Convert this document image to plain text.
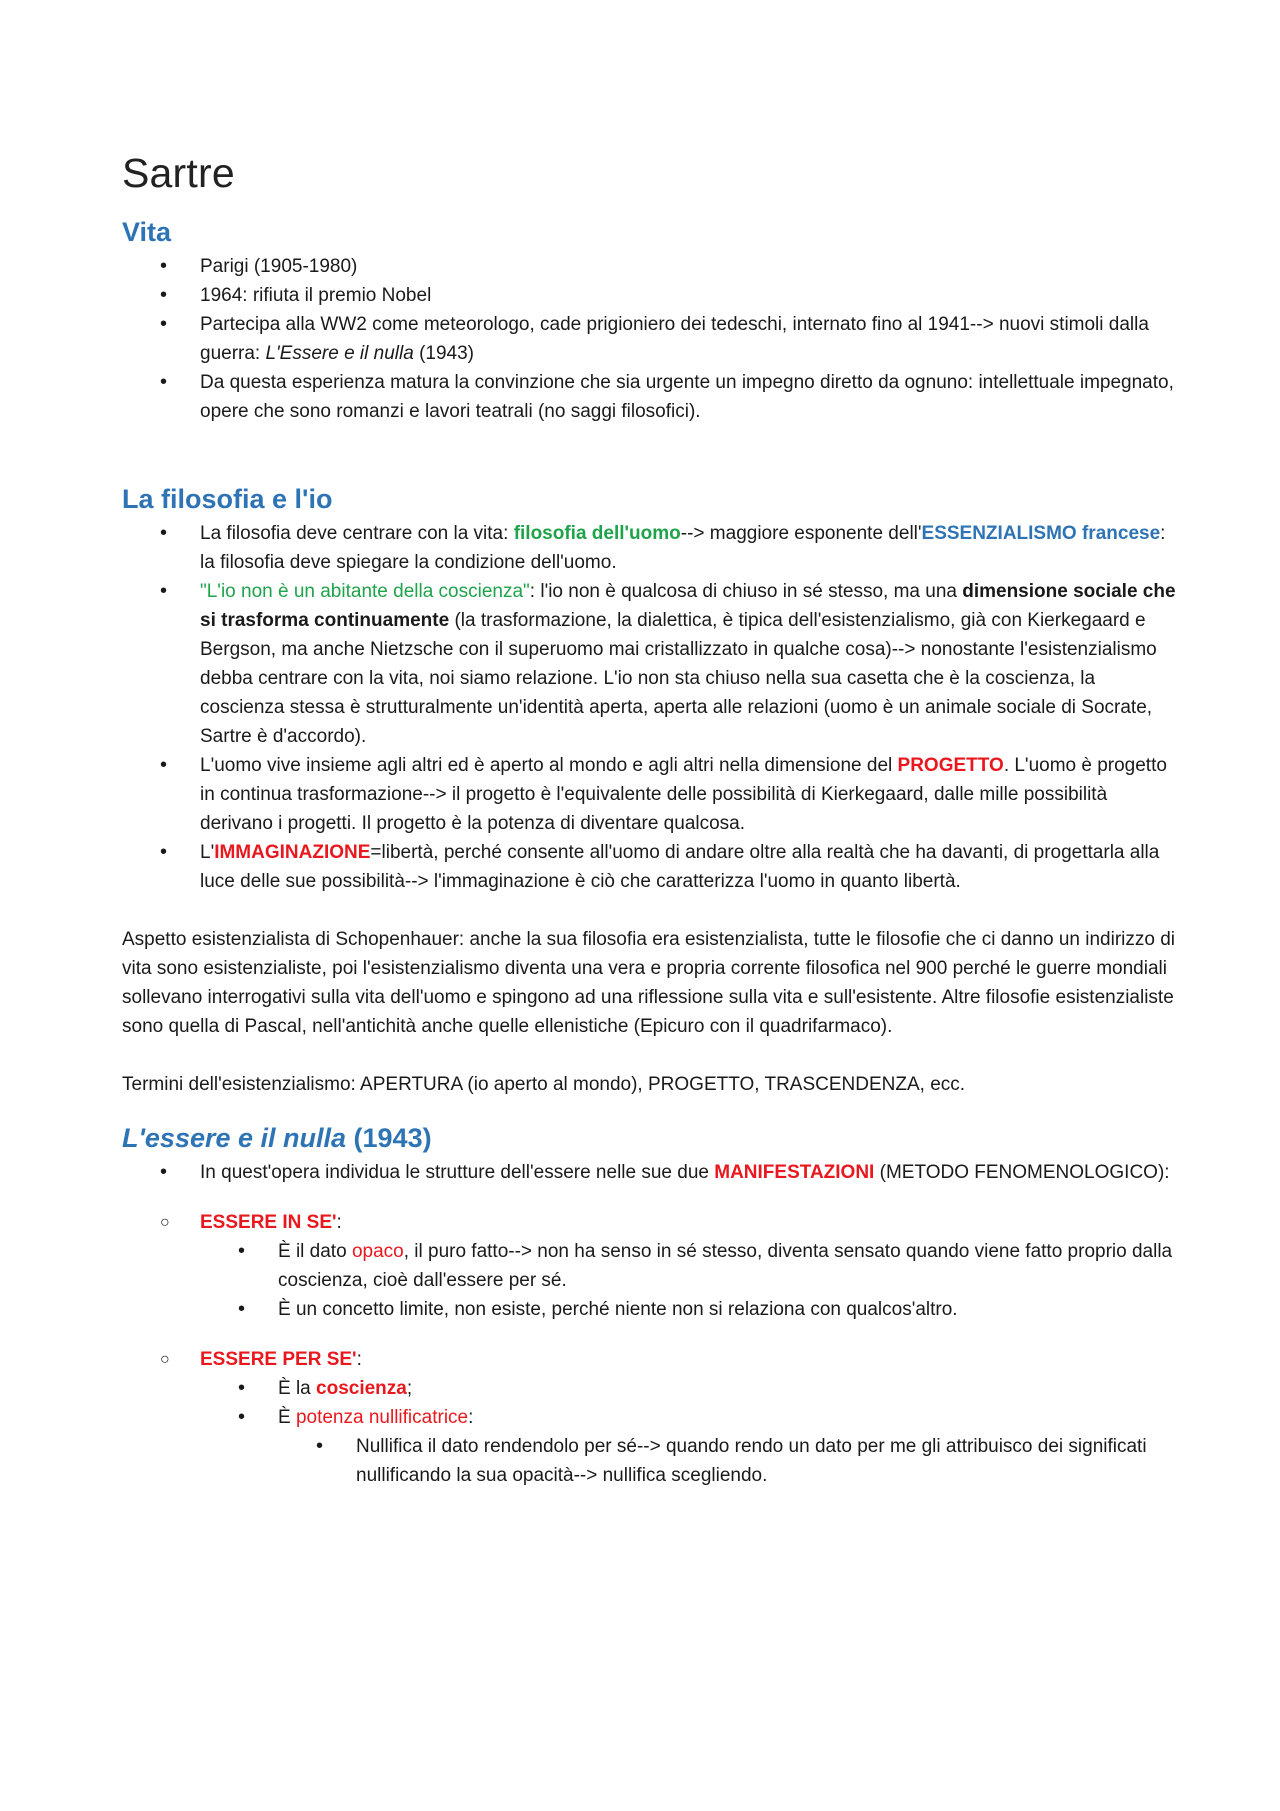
Sartre
Vita
• Parigi (1905-1980)
• 1964: rifiuta il premio Nobel
• Partecipa alla WW2 come meteorologo, cade prigioniero dei tedeschi, internato fino al 1941--> nuovi stimoli dalla guerra: L'Essere e il nulla (1943)
• Da questa esperienza matura la convinzione che sia urgente un impegno diretto da ognuno: intellettuale impegnato, opere che sono romanzi e lavori teatrali (no saggi filosofici).
La filosofia e l'io
• La filosofia deve centrare con la vita: filosofia dell'uomo--> maggiore esponente dell'ESSENZIALISMO francese: la filosofia deve spiegare la condizione dell'uomo.
• "L'io non è un abitante della coscienza": l'io non è qualcosa di chiuso in sé stesso, ma una dimensione sociale che si trasforma continuamente (la trasformazione, la dialettica, è tipica dell'esistenzialismo, già con Kierkegaard e Bergson, ma anche Nietzsche con il superuomo mai cristallizzato in qualche cosa)--> nonostante l'esistenzialismo debba centrare con la vita, noi siamo relazione. L'io non sta chiuso nella sua casetta che è la coscienza, la coscienza stessa è strutturalmente un'identità aperta, aperta alle relazioni (uomo è un animale sociale di Socrate, Sartre è d'accordo).
• L'uomo vive insieme agli altri ed è aperto al mondo e agli altri nella dimensione del PROGETTO. L'uomo è progetto in continua trasformazione--> il progetto è l'equivalente delle possibilità di Kierkegaard, dalle mille possibilità derivano i progetti. Il progetto è la potenza di diventare qualcosa.
• L'IMMAGINAZIONE=libertà, perché consente all'uomo di andare oltre alla realtà che ha davanti, di progettarla alla luce delle sue possibilità--> l'immaginazione è ciò che caratterizza l'uomo in quanto libertà.

Aspetto esistenzialista di Schopenhauer: anche la sua filosofia era esistenzialista, tutte le filosofie che ci danno un indirizzo di vita sono esistenzialiste, poi l'esistenzialismo diventa una vera e propria corrente filosofica nel 900 perché le guerre mondiali sollevano interrogativi sulla vita dell'uomo e spingono ad una riflessione sulla vita e sull'esistente. Altre filosofie esistenzialiste sono quella di Pascal, nell'antichità anche quelle ellenistiche (Epicuro con il quadrifarmaco).

Termini dell'esistenzialismo: APERTURA (io aperto al mondo), PROGETTO, TRASCENDENZA, ecc.

L'essere e il nulla (1943)
• In quest'opera individua le strutture dell'essere nelle sue due MANIFESTAZIONI (METODO FENOMENOLOGICO):
○ ESSERE IN SE':
• È il dato opaco, il puro fatto--> non ha senso in sé stesso, diventa sensato quando viene fatto proprio dalla coscienza, cioè dall'essere per sé.
• È un concetto limite, non esiste, perché niente non si relaziona con qualcos'altro.
○ ESSERE PER SE':
• È la coscienza;
• È potenza nullificatrice:
• Nullifica il dato rendendolo per sé--> quando rendo un dato per me gli attribuisco dei significati nullificando la sua opacità--> nullifica scegliendo.
